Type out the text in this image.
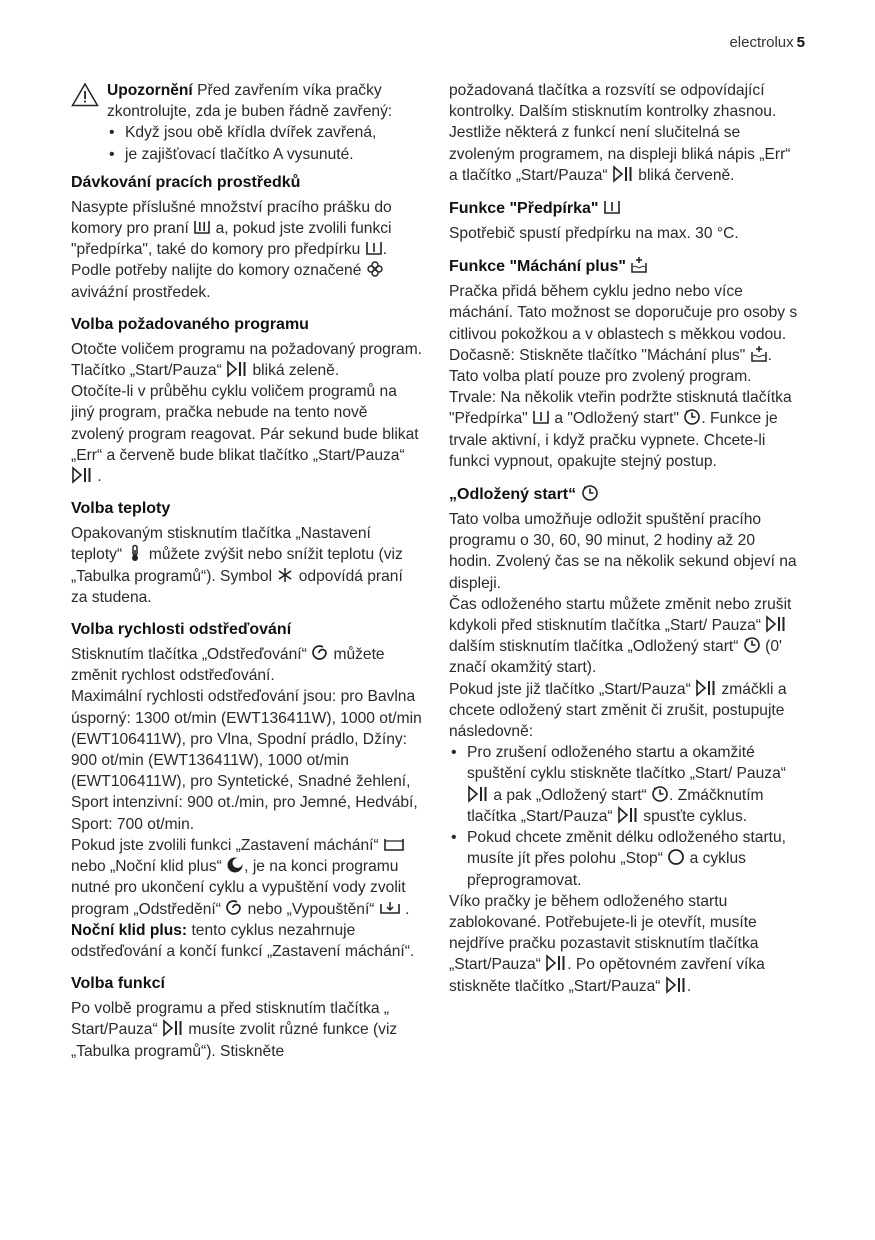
electrolux 5

Upozornění Před zavřením víka pračky zkontrolujte, zda je buben řádně zavřený:

• Když jsou obě křídla dvířek zavřená,
• je zajišťovací tlačítko A vysunuté.
Dávkování pracích prostředků

Nasypte příslušné množství pracího prášku do komory pro praní a, pokud jste zvolili funkci "předpírka", také do komory pro předpírku . Podle potřeby nalijte do komory označené
aviváźní prostředek.

Volba požadovaného programu

Otočte voličem programu na požadovaný program. Tlačítko „Start/Pauza“ bliká zeleně.

Otočíte-li v průběhu cyklu voličem programů na jiný program, pračka nebude na tento nově zvolený program reagovat. Pár sekund bude blikat „Err“ a červeně bude blikat tlačítko „Start/Pauza“
.

Volba teploty

Opakovaným stisknutím tlačítka „Nastavení teploty“ můžete zvýšit nebo snížit teplotu (viz „Tabulka programů“). Symbol odpovídá praní za studena.

Volba rychlosti odstřeďování

Stisknutím tlačítka „Odstřeďování“ můžete změnit rychlost odstřeďování.

Maximální rychlosti odstřeďování jsou: pro Bavlna úsporný: 1300 ot/min (EWT136411W), 1000 ot/min (EWT106411W), pro Vlna, Spodní prádlo, Džíny: 900 ot/min (EWT136411W), 1000 ot/min (EWT106411W), pro Syntetické, Snadné žehlení, Sport intenzivní: 900 ot./min, pro Jemné, Hedvábí, Sport: 700 ot/min.

Pokud jste zvolili funkci „Zastavení máchání“
nebo „Noční klid plus“ , je na konci programu nutné pro ukončení cyklu a vypuštění vody zvolit program „Odstředění“ nebo „Vypouštění“ .

Noční klid plus: tento cyklus nezahrnuje odstřeďování a končí funkcí „Zastavení máchání“.

Volba funkcí

Po volbě programu a před stisknutím tlačítka „ Start/Pauza“ musíte zvolit různé funkce (viz „Tabulka programů“). Stiskněte

požadovaná tlačítka a rozsvítí se odpovídající kontrolky. Dalším stisknutím kontrolky zhasnou. Jestliže některá z funkcí není slučitelná se zvoleným programem, na displeji bliká nápis „Err“ a tlačítko „Start/Pauza“ bliká červeně.

Funkce "Předpírka"

Spotřebič spustí předpírku na max. 30 °C.

Funkce "Máchání plus"

Pračka přidá během cyklu jedno nebo více máchání. Tato možnost se doporučuje pro osoby s citlivou pokožkou a v oblastech s měkkou vodou.

Dočasně: Stiskněte tlačítko "Máchání plus" . Tato volba platí pouze pro zvolený program.

Trvale: Na několik vteřin podržte stisknutá tlačítka "Předpírka" a "Odložený start" . Funkce je trvale aktivní, i když pračku vypnete. Chcete-li funkci vypnout, opakujte stejný postup.

„Odložený start“

Tato volba umožňuje odložit spuštění pracího programu o 30, 60, 90 minut, 2 hodiny až 20 hodin. Zvolený čas se na několik sekund objeví na displeji.

Čas odloženého startu můžete změnit nebo zrušit kdykoli před stisknutím tlačítka „Start/ Pauza“
dalším stisknutím tlačítka „Odložený start“ (0' značí okamžitý start).

Pokud jste již tlačítko „Start/Pauza“ zmáčkli a chcete odložený start změnit či zrušit, postupujte následovně:

• Pro zrušení odloženého startu a okamžité spuštění cyklu stiskněte tlačítko „Start/ Pauza“
a pak „Odložený start“ . Zmáčknutím tlačítka „Start/Pauza“ spusťte cyklus.
• Pokud chcete změnit délku odloženého startu, musíte jít přes polohu „Stop“ a cyklus přeprogramovat.

Víko pračky je během odloženého startu zablokované. Potřebujete-li je otevřít, musíte nejdříve pračku pozastavit stisknutím tlačítka „Start/Pauza“ . Po opětovném zavření víka stiskněte tlačítko „Start/Pauza“ .
